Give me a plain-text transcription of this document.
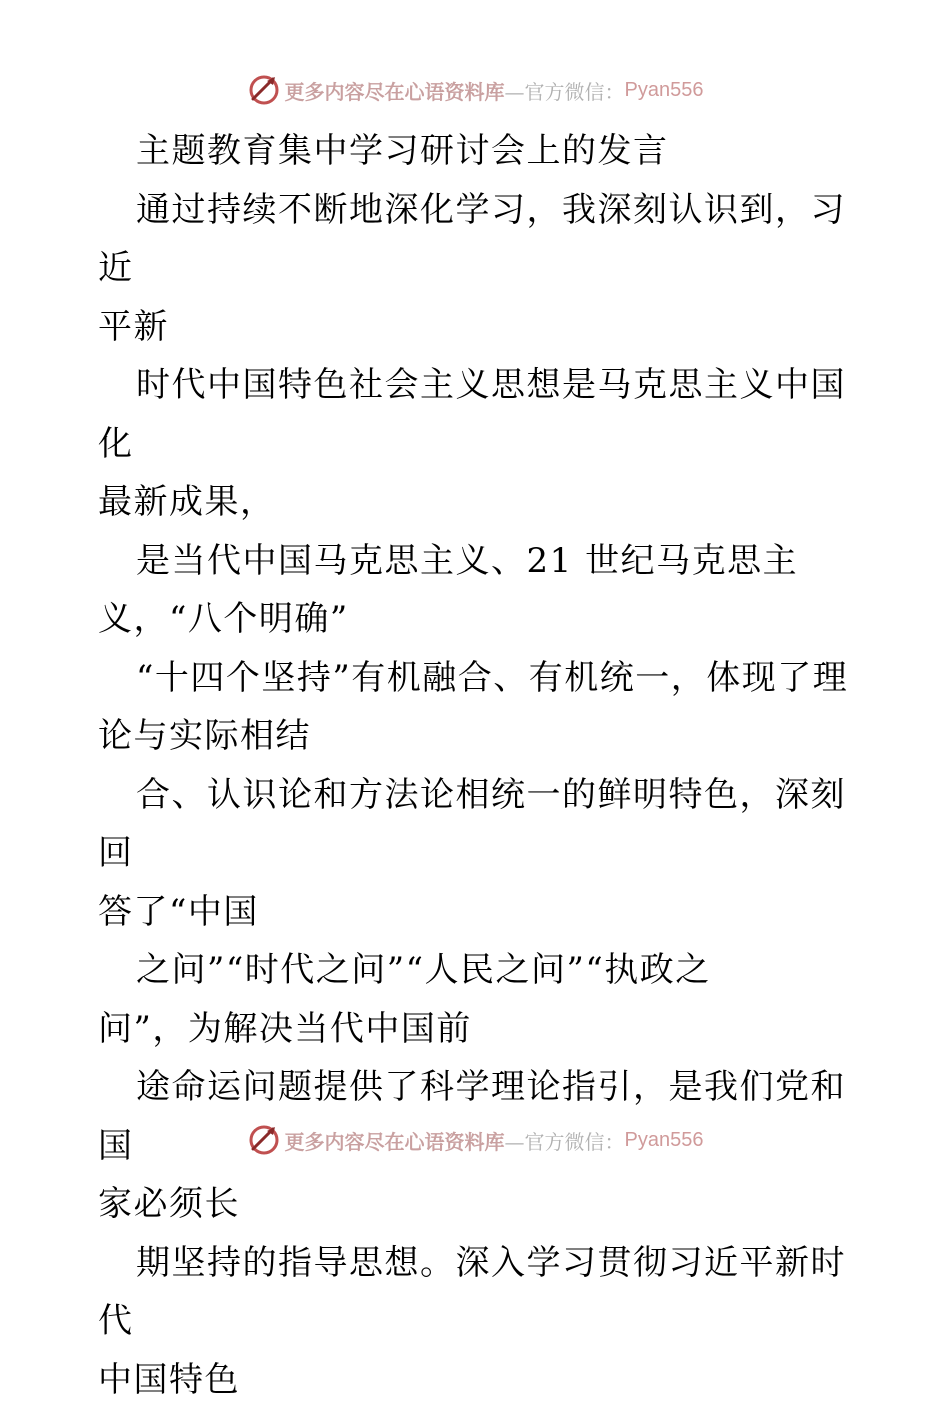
更多内容尽在心语资料库 —官方微信： Pyan556

主题教育集中学习研讨会上的发言

通过持续不断地深化学习，我深刻认识到，习近

平新

时代中国特色社会主义思想是马克思主义中国化

最新成果，

是当代中国马克思主义、21 世纪马克思主

义，“八个明确”

“十四个坚持”有机融合、有机统一，体现了理

论与实际相结

合、认识论和方法论相统一的鲜明特色，深刻回

答了“中国

之问”“时代之问”“人民之问”“执政之

问”，为解决当代中国前

途命运问题提供了科学理论指引，是我们党和国

家必须长

期坚持的指导思想。深入学习贯彻习近平新时代

中国特色

更多内容尽在心语资料库 —官方微信： Pyan556
